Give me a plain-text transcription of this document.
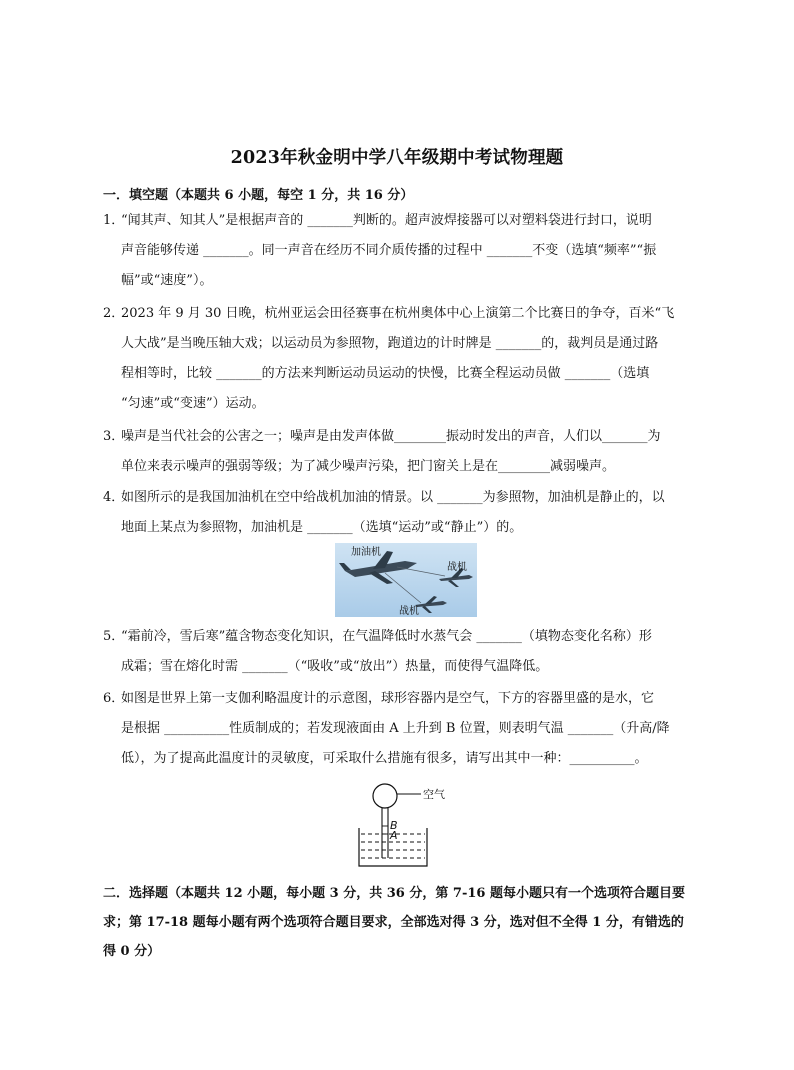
2023年秋金明中学八年级期中考试物理题
一．填空题（本题共 6 小题，每空 1 分，共 16 分）
1．
“闻其声、知其人”是根据声音的 _______判断的。超声波焊接器可以对塑料袋进行封口，说明
声音能够传递 _______。同一声音在经历不同介质传播的过程中 _______不变（选填“频率”“振
幅”或“速度”）。
2．
2023 年 9 月 30 日晚，杭州亚运会田径赛事在杭州奥体中心上演第二个比赛日的争夺，百米“飞
人大战”是当晚压轴大戏；以运动员为参照物，跑道边的计时牌是 _______的，裁判员是通过路
程相等时，比较 _______的方法来判断运动员运动的快慢，比赛全程运动员做 _______（选填
“匀速”或“变速”）运动。
3．
噪声是当代社会的公害之一；噪声是由发声体做________振动时发出的声音，人们以_______为
单位来表示噪声的强弱等级；为了减少噪声污染，把门窗关上是在________减弱噪声。
4．
如图所示的是我国加油机在空中给战机加油的情景。以 _______为参照物，加油机是静止的，以
地面上某点为参照物，加油机是 _______（选填“运动”或“静止”）的。
加油机
战机
战机
5．
“霜前冷，雪后寒”蕴含物态变化知识，在气温降低时水蒸气会 _______（填物态变化名称）形
成霜；雪在熔化时需 _______（“吸收”或“放出”）热量，而使得气温降低。
6．
如图是世界上第一支伽利略温度计的示意图，球形容器内是空气，下方的容器里盛的是水，它
是根据 __________性质制成的；若发现液面由 A 上升到 B 位置，则表明气温 _______（升高/降
低），为了提高此温度计的灵敏度，可采取什么措施有很多，请写出其中一种：__________。
空气
B
A
二．选择题（本题共 12 小题，每小题 3 分，共 36 分，第 7-16 题每小题只有一个选项符合题目要
求；第 17-18 题每小题有两个选项符合题目要求，全部选对得 3 分，选对但不全得 1 分，有错选的
得 0 分）
